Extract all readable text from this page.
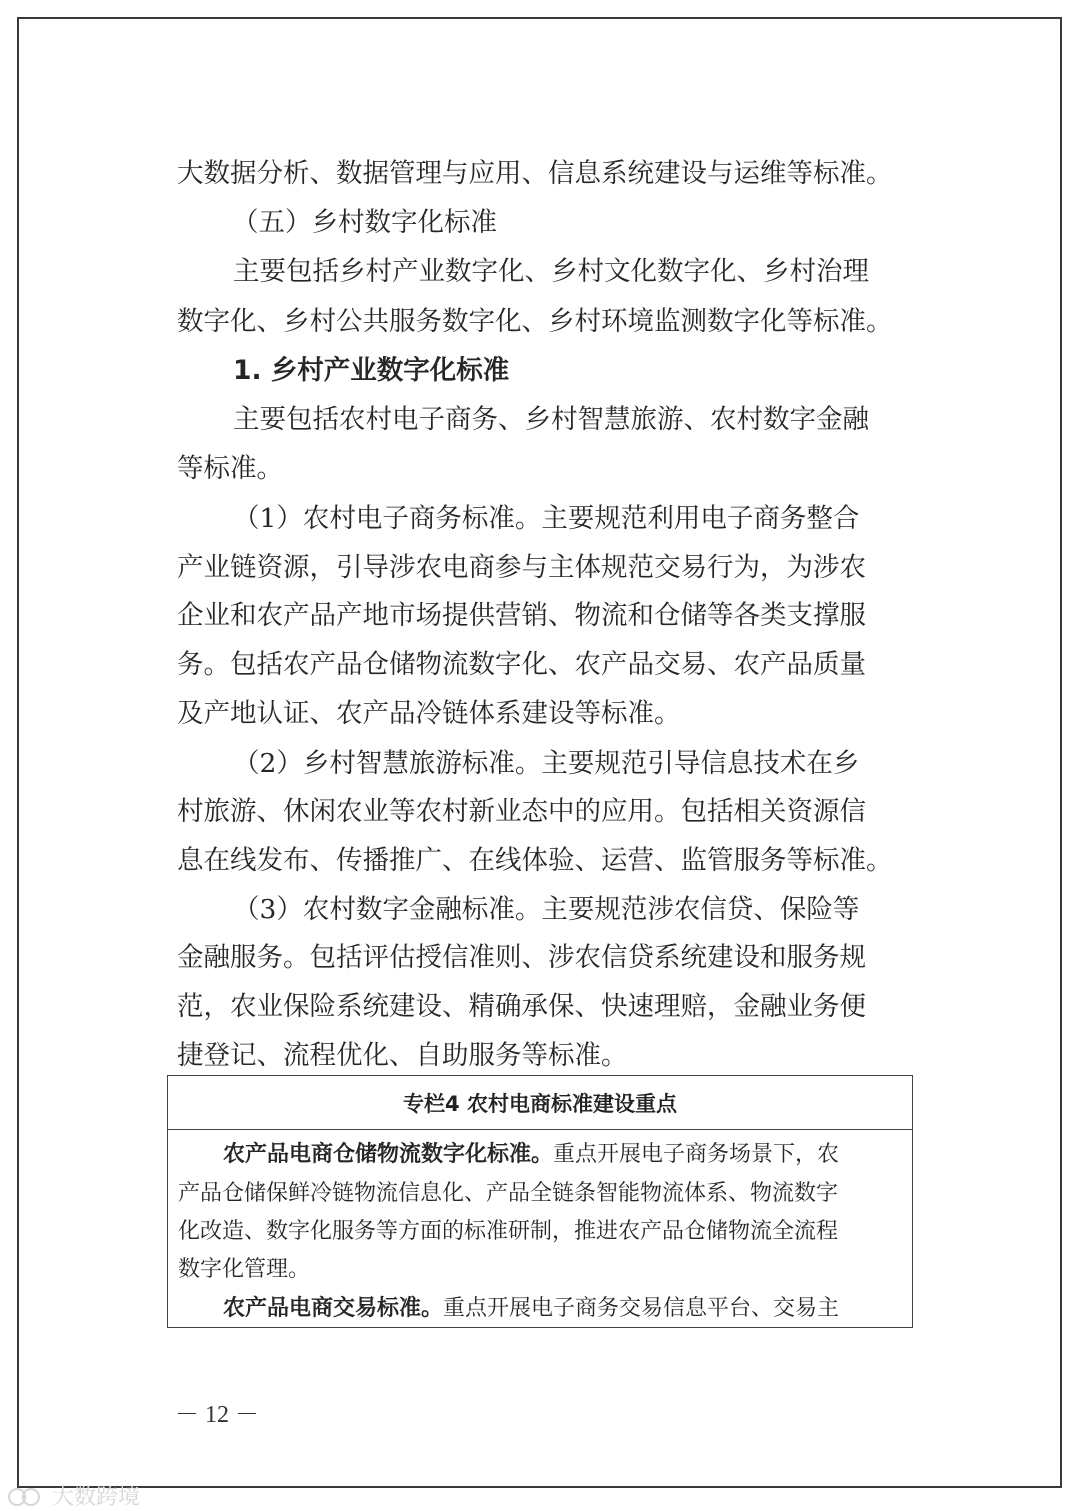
大数据分析、数据管理与应用、信息系统建设与运维等标准。
（五）乡村数字化标准
主要包括乡村产业数字化、乡村文化数字化、乡村治理
数字化、乡村公共服务数字化、乡村环境监测数字化等标准。
1. 乡村产业数字化标准
主要包括农村电子商务、乡村智慧旅游、农村数字金融
等标准。
（1）农村电子商务标准。主要规范利用电子商务整合
产业链资源，引导涉农电商参与主体规范交易行为，为涉农
企业和农产品产地市场提供营销、物流和仓储等各类支撑服
务。包括农产品仓储物流数字化、农产品交易、农产品质量
及产地认证、农产品冷链体系建设等标准。
（2）乡村智慧旅游标准。主要规范引导信息技术在乡
村旅游、休闲农业等农村新业态中的应用。包括相关资源信
息在线发布、传播推广、在线体验、运营、监管服务等标准。
（3）农村数字金融标准。主要规范涉农信贷、保险等
金融服务。包括评估授信准则、涉农信贷系统建设和服务规
范，农业保险系统建设、精确承保、快速理赔，金融业务便
捷登记、流程优化、自助服务等标准。
专栏4 农村电商标准建设重点
农产品电商仓储物流数字化标准。重点开展电子商务场景下，农
产品仓储保鲜冷链物流信息化、产品全链条智能物流体系、物流数字
化改造、数字化服务等方面的标准研制，推进农产品仓储物流全流程
数字化管理。
农产品电商交易标准。重点开展电子商务交易信息平台、交易主
－ 12 －
大数跨境
